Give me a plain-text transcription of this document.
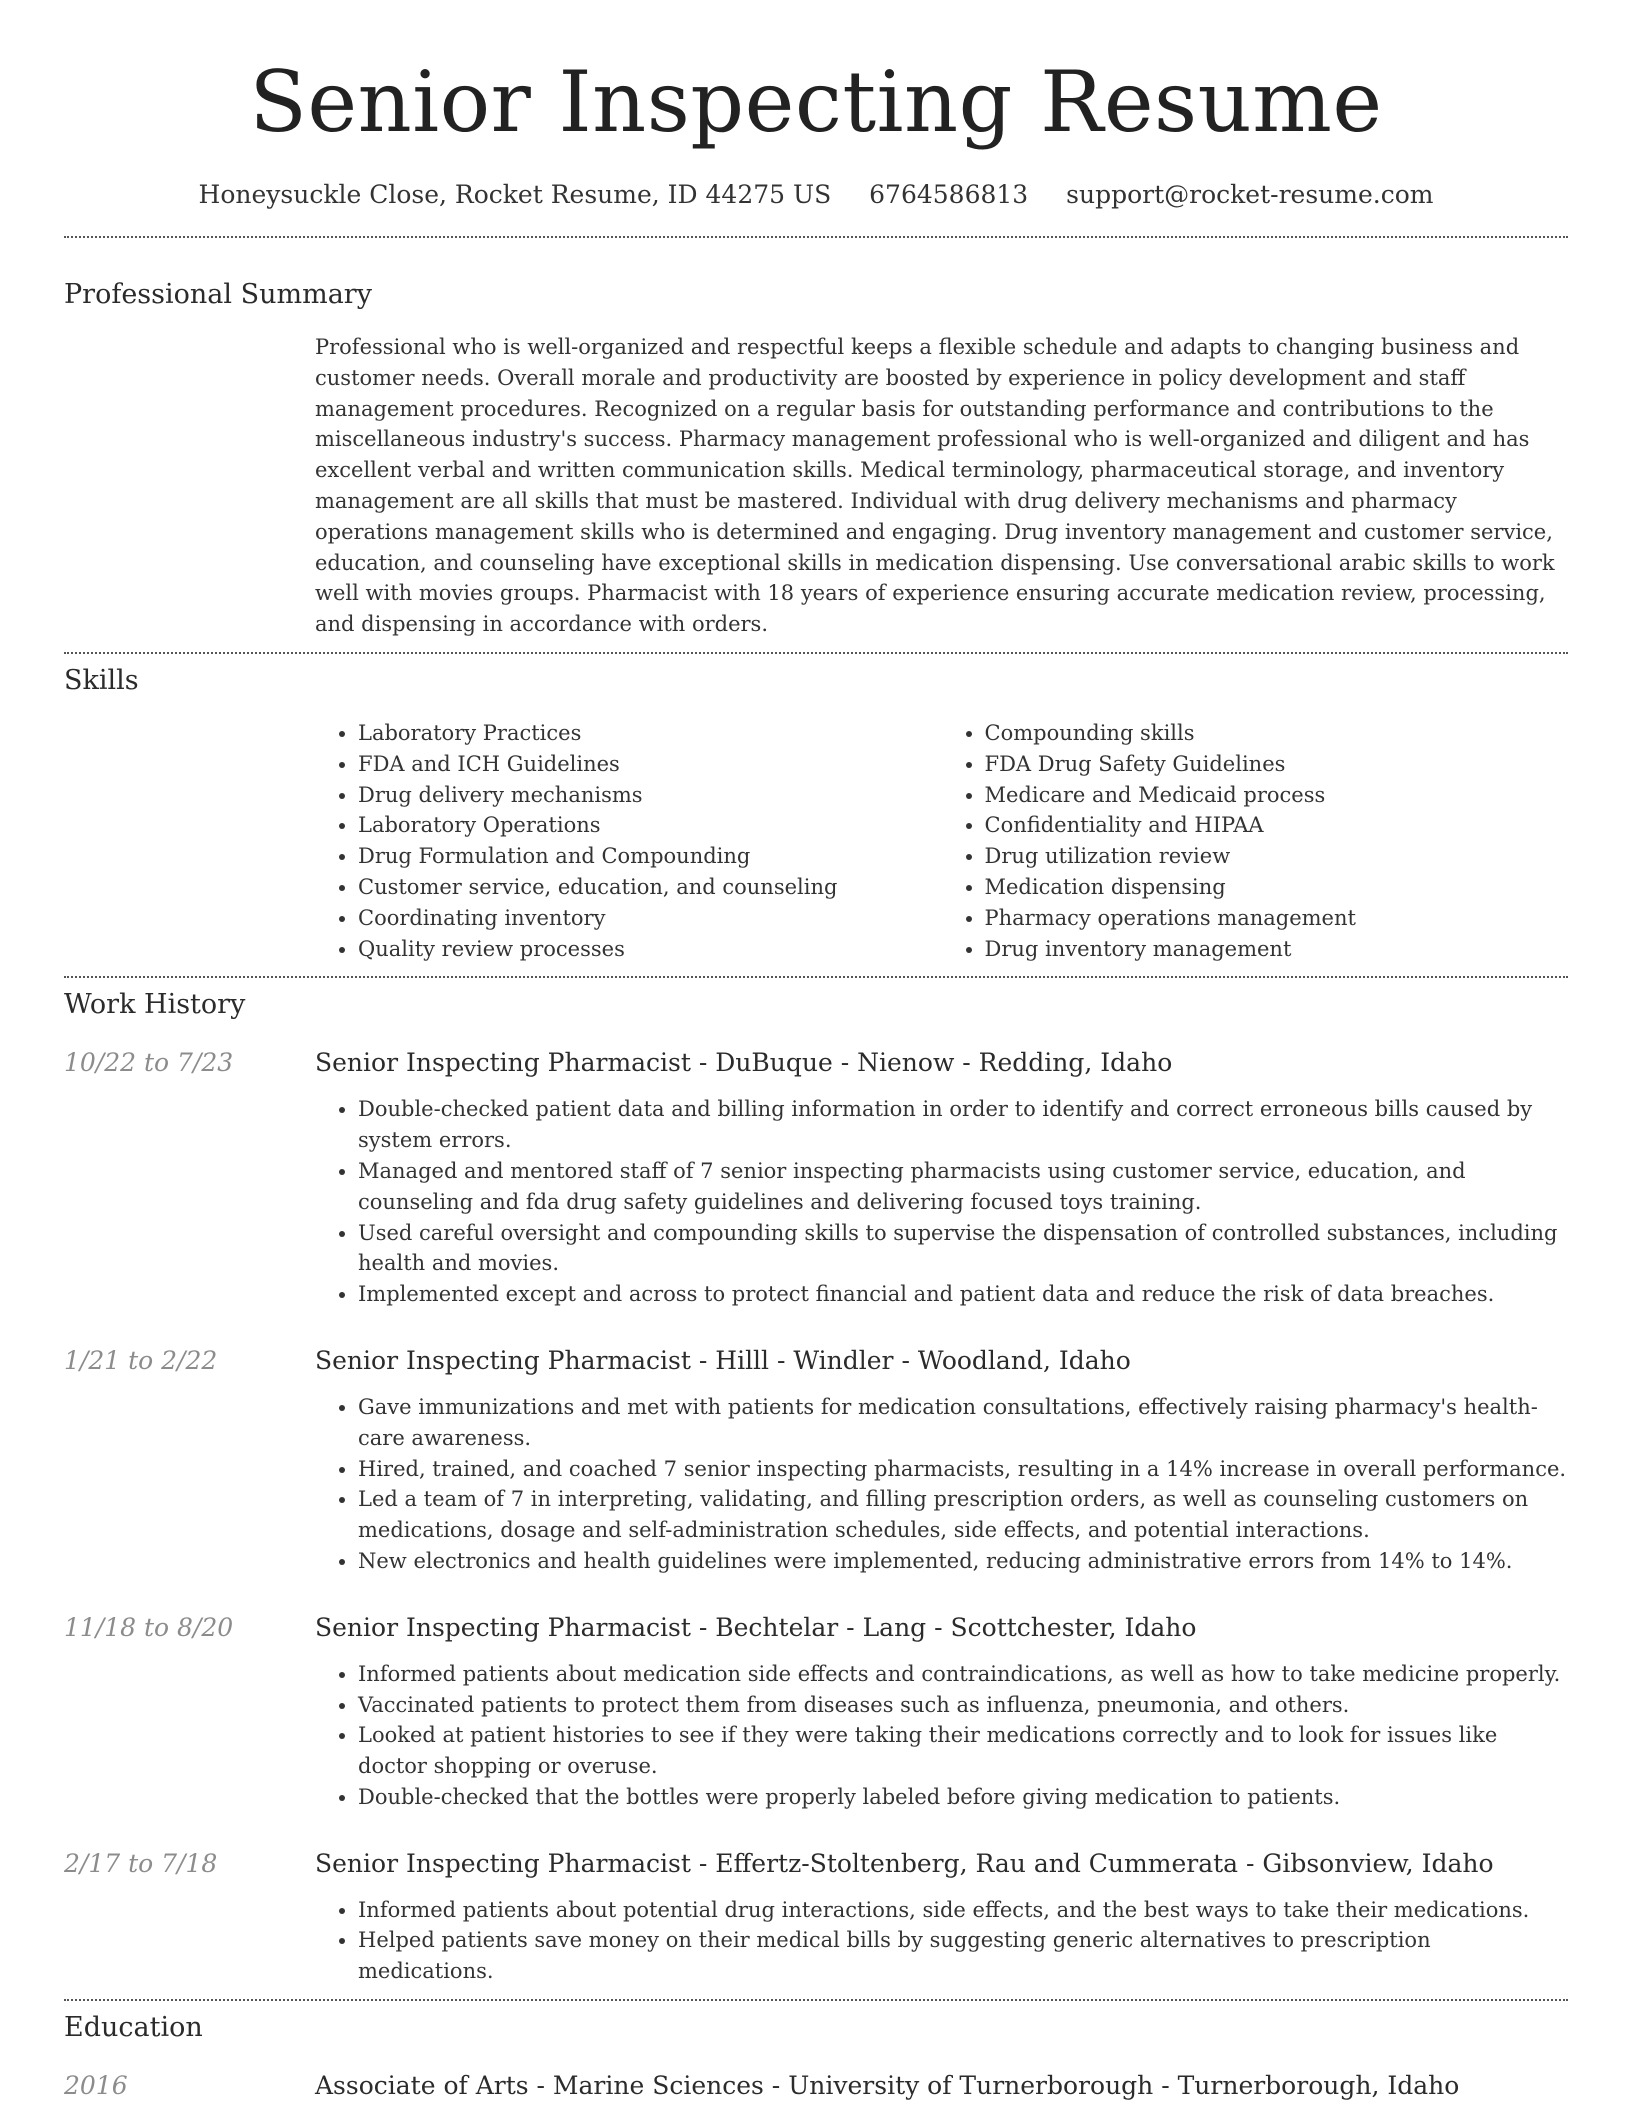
Senior Inspecting Resume
Honeysuckle Close, Rocket Resume, ID 44275 US 6764586813 support@rocket-resume.com
Professional Summary

Professional who is well-organized and respectful keeps a flexible schedule and adapts to changing business and customer needs. Overall morale and productivity are boosted by experience in policy development and staff management procedures. Recognized on a regular basis for outstanding performance and contributions to the miscellaneous industry's success. Pharmacy management professional who is well-organized and diligent and has excellent verbal and written communication skills. Medical terminology, pharmaceutical storage, and inventory management are all skills that must be mastered. Individual with drug delivery mechanisms and pharmacy operations management skills who is determined and engaging. Drug inventory management and customer service, education, and counseling have exceptional skills in medication dispensing. Use conversational arabic skills to work well with movies groups. Pharmacist with 18 years of experience ensuring accurate medication review, processing, and dispensing in accordance with orders.

Skills
• Laboratory Practices
• FDA and ICH Guidelines
• Drug delivery mechanisms
• Laboratory Operations
• Drug Formulation and Compounding
• Customer service, education, and counseling
• Coordinating inventory
• Quality review processes
• Compounding skills
• FDA Drug Safety Guidelines
• Medicare and Medicaid process
• Confidentiality and HIPAA
• Drug utilization review
• Medication dispensing
• Pharmacy operations management
• Drug inventory management
Work History
10/22 to 7/23	Senior Inspecting Pharmacist - DuBuque - Nienow - Redding, Idaho
• Double-checked patient data and billing information in order to identify and correct erroneous bills caused by system errors.
• Managed and mentored staff of 7 senior inspecting pharmacists using customer service, education, and counseling and fda drug safety guidelines and delivering focused toys training.
• Used careful oversight and compounding skills to supervise the dispensation of controlled substances, including health and movies.
• Implemented except and across to protect financial and patient data and reduce the risk of data breaches.
1/21 to 2/22	Senior Inspecting Pharmacist - Hilll - Windler - Woodland, Idaho
• Gave immunizations and met with patients for medication consultations, effectively raising pharmacy's health-care awareness.
• Hired, trained, and coached 7 senior inspecting pharmacists, resulting in a 14% increase in overall performance.
• Led a team of 7 in interpreting, validating, and filling prescription orders, as well as counseling customers on medications, dosage and self-administration schedules, side effects, and potential interactions.
• New electronics and health guidelines were implemented, reducing administrative errors from 14% to 14%.
11/18 to 8/20	Senior Inspecting Pharmacist - Bechtelar - Lang - Scottchester, Idaho
• Informed patients about medication side effects and contraindications, as well as how to take medicine properly.
• Vaccinated patients to protect them from diseases such as influenza, pneumonia, and others.
• Looked at patient histories to see if they were taking their medications correctly and to look for issues like doctor shopping or overuse.
• Double-checked that the bottles were properly labeled before giving medication to patients.
2/17 to 7/18	Senior Inspecting Pharmacist - Effertz-Stoltenberg, Rau and Cummerata - Gibsonview, Idaho
• Informed patients about potential drug interactions, side effects, and the best ways to take their medications.
• Helped patients save money on their medical bills by suggesting generic alternatives to prescription medications.
Education
2016	Associate of Arts - Marine Sciences - University of Turnerborough - Turnerborough, Idaho
